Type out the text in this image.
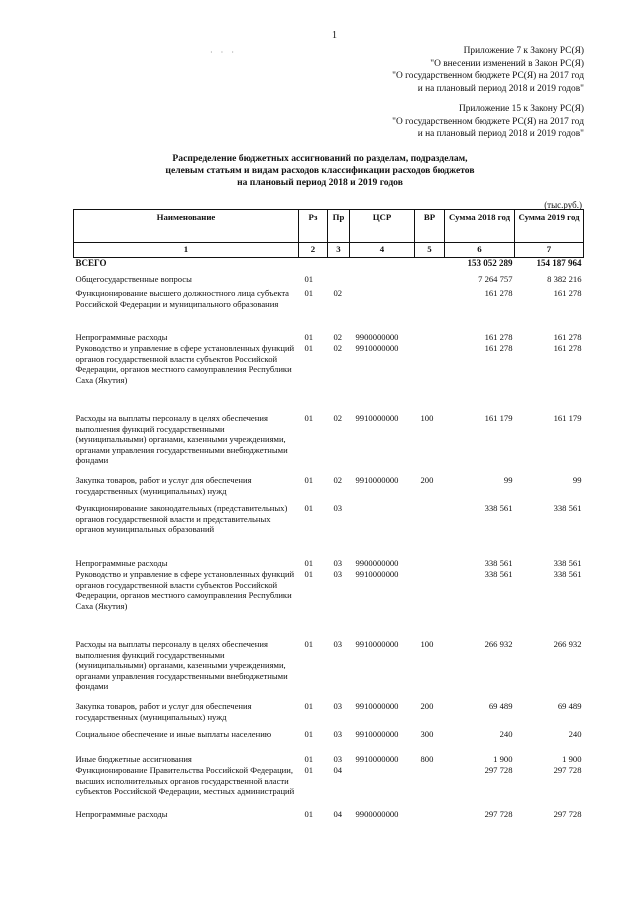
1
· · ·	Приложение 7 к Закону РС(Я)
"О внесении изменений в Закон РС(Я)
"О государственном бюджете РС(Я) на 2017 год
и на плановый период 2018 и 2019 годов"
Приложение 15 к Закону РС(Я)
"О государственном бюджете РС(Я) на 2017 год
и на плановый период 2018 и 2019 годов"
Распределение бюджетных ассигнований по разделам, подразделам,
целевым статьям и видам расходов классификации расходов бюджетов
на плановый период 2018 и 2019 годов
(тыс.руб.)
Наименование	Рз	Пр	ЦСР	ВР	Сумма 2018 год	Сумма 2019 год
1	2	3	4	5	6	7
ВСЕГО					153 052 289	154 187 964
Общегосударственные вопросы	01				7 264 757	8 382 216
Функционирование высшего должностного лица субъекта Российской Федерации и муниципального образования	01	02			161 278	161 278
Непрограммные расходы	01	02	9900000000		161 278	161 278
Руководство и управление в сфере установленных функций органов государственной власти субъектов Российской Федерации, органов местного самоуправления Республики Саха (Якутия)	01	02	9910000000		161 278	161 278
Расходы на выплаты персоналу в целях обеспечения выполнения функций государственными (муниципальными) органами, казенными учреждениями, органами управления государственными внебюджетными фондами	01	02	9910000000	100	161 179	161 179
Закупка товаров, работ и услуг для обеспечения государственных (муниципальных) нужд	01	02	9910000000	200	99	99
Функционирование законодательных (представительных) органов государственной власти и представительных органов муниципальных образований	01	03			338 561	338 561
Непрограммные расходы	01	03	9900000000		338 561	338 561
Руководство и управление в сфере установленных функций органов государственной власти субъектов Российской Федерации, органов местного самоуправления Республики Саха (Якутия)	01	03	9910000000		338 561	338 561
Расходы на выплаты персоналу в целях обеспечения выполнения функций государственными (муниципальными) органами, казенными учреждениями, органами управления государственными внебюджетными фондами	01	03	9910000000	100	266 932	266 932
Закупка товаров, работ и услуг для обеспечения государственных (муниципальных) нужд	01	03	9910000000	200	69 489	69 489
Социальное обеспечение и иные выплаты населению	01	03	9910000000	300	240	240
Иные бюджетные ассигнования	01	03	9910000000	800	1 900	1 900
Функционирование Правительства Российской Федерации, высших исполнительных органов государственной власти субъектов Российской Федерации, местных администраций	01	04			297 728	297 728
Непрограммные расходы	01	04	9900000000		297 728	297 728
